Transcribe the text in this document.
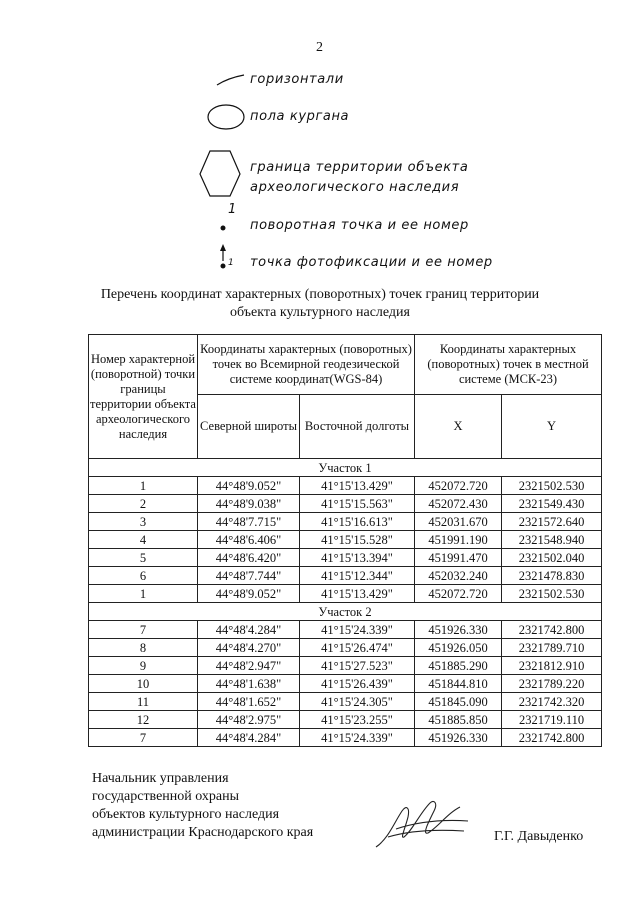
2
горизонтали
пола кургана
граница территории объекта
археологического наследия
1
поворотная точка и ее номер
1 точка фотофиксации и ее номер
Перечень координат характерных (поворотных) точек границ территории
объекта культурного наследия
Номер характерной (поворотной) точки границы территории объекта археологического наследия	Координаты характерных (поворотных) точек во Всемирной геодезической системе координат(WGS-84)		Координаты характерных (поворотных) точек в местной системе (МСК-23)	
	Северной широты	Восточной долготы	X	Y
Участок 1				
1	44°48'9.052"	41°15'13.429"	452072.720	2321502.530
2	44°48'9.038"	41°15'15.563"	452072.430	2321549.430
3	44°48'7.715"	41°15'16.613"	452031.670	2321572.640
4	44°48'6.406"	41°15'15.528"	451991.190	2321548.940
5	44°48'6.420"	41°15'13.394"	451991.470	2321502.040
6	44°48'7.744"	41°15'12.344"	452032.240	2321478.830
1	44°48'9.052"	41°15'13.429"	452072.720	2321502.530
Участок 2				
7	44°48'4.284"	41°15'24.339"	451926.330	2321742.800
8	44°48'4.270"	41°15'26.474"	451926.050	2321789.710
9	44°48'2.947"	41°15'27.523"	451885.290	2321812.910
10	44°48'1.638"	41°15'26.439"	451844.810	2321789.220
11	44°48'1.652"	41°15'24.305"	451845.090	2321742.320
12	44°48'2.975"	41°15'23.255"	451885.850	2321719.110
7	44°48'4.284"	41°15'24.339"	451926.330	2321742.800
Начальник управления
государственной охраны
объектов культурного наследия
администрации Краснодарского края	Г.Г. Давыденко
